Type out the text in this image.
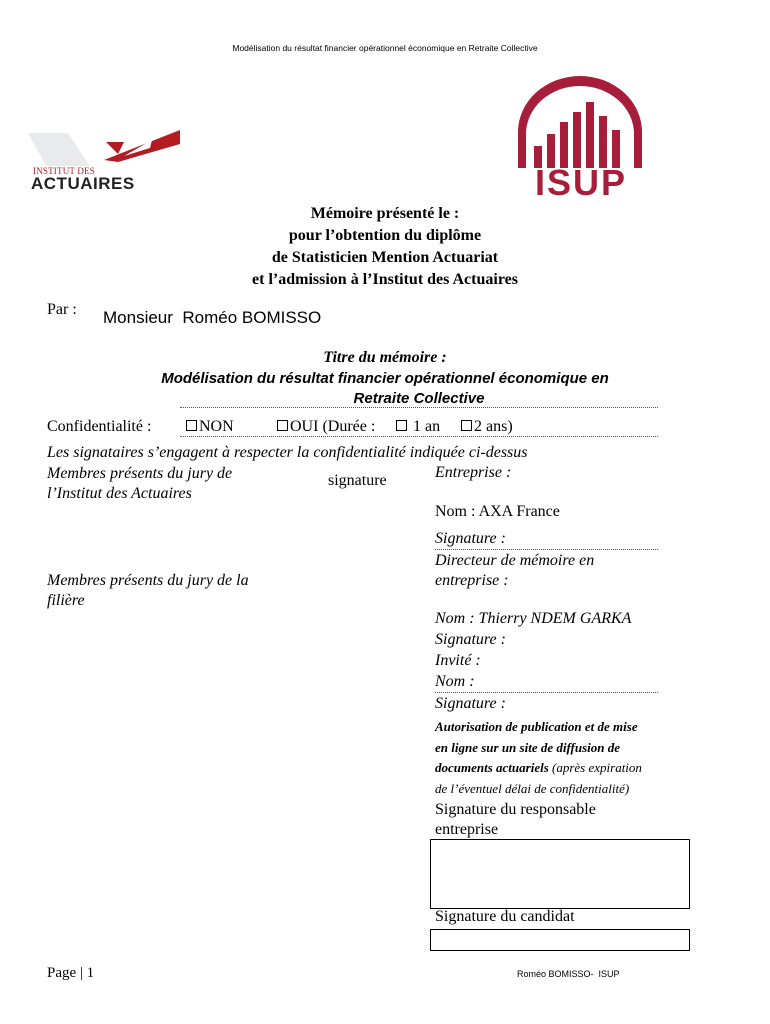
Modélisation du résultat financier opérationnel économique en Retraite Collective
INSTITUT DES
ACTUAIRES	ISUP
Mémoire présenté le :
pour l’obtention du diplôme
de Statisticien Mention Actuariat
et l’admission à l’Institut des Actuaires
Par : Monsieur  Roméo BOMISSO
Titre du mémoire :
Modélisation du résultat financier opérationnel économique en
Retraite Collective
Confidentialité :	NON	OUI (Durée :	1 an	2 ans)
Les signataires s’engagent à respecter la confidentialité indiquée ci-dessus
Membres présents du jury de
l’Institut des Actuaires
signature
Membres présents du jury de la
filière
Entreprise :
Nom : AXA France
Signature :
Directeur de mémoire en
entreprise :
Nom : Thierry NDEM GARKA
Signature :
Invité :
Nom :
Signature :
Autorisation de publication et de mise
en ligne sur un site de diffusion de
documents actuariels (après expiration
de l’éventuel délai de confidentialité)
Signature du responsable
entreprise
Signature du candidat
Page | 1	Roméo BOMISSO-  ISUP
